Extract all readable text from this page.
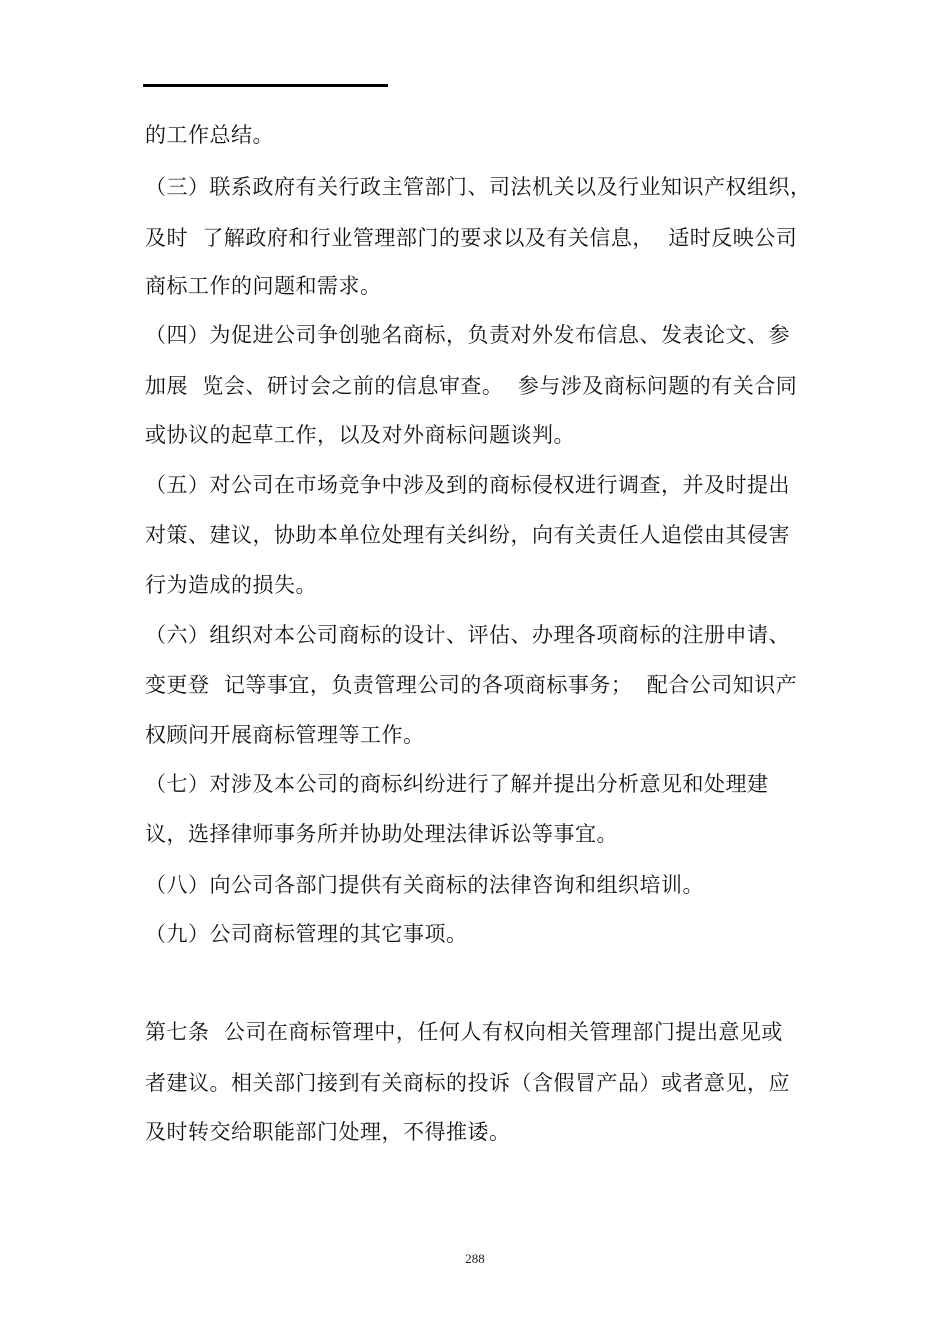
的工作总结。
（三）联系政府有关行政主管部门、司法机关以及行业知识产权组织，
及时  了解政府和行业管理部门的要求以及有关信息，  适时反映公司
商标工作的问题和需求。
（四）为促进公司争创驰名商标，负责对外发布信息、发表论文、参
加展  览会、研讨会之前的信息审查。  参与涉及商标问题的有关合同
或协议的起草工作，以及对外商标问题谈判。
（五）对公司在市场竞争中涉及到的商标侵权进行调查，并及时提出
对策、建议，协助本单位处理有关纠纷，向有关责任人追偿由其侵害
行为造成的损失。
（六）组织对本公司商标的设计、评估、办理各项商标的注册申请、
变更登  记等事宜，负责管理公司的各项商标事务；  配合公司知识产
权顾问开展商标管理等工作。
（七）对涉及本公司的商标纠纷进行了解并提出分析意见和处理建
议，选择律师事务所并协助处理法律诉讼等事宜。
（八）向公司各部门提供有关商标的法律咨询和组织培训。
（九）公司商标管理的其它事项。
第七条  公司在商标管理中，任何人有权向相关管理部门提出意见或
者建议。相关部门接到有关商标的投诉（含假冒产品）或者意见，应
及时转交给职能部门处理，不得推诿。
288
